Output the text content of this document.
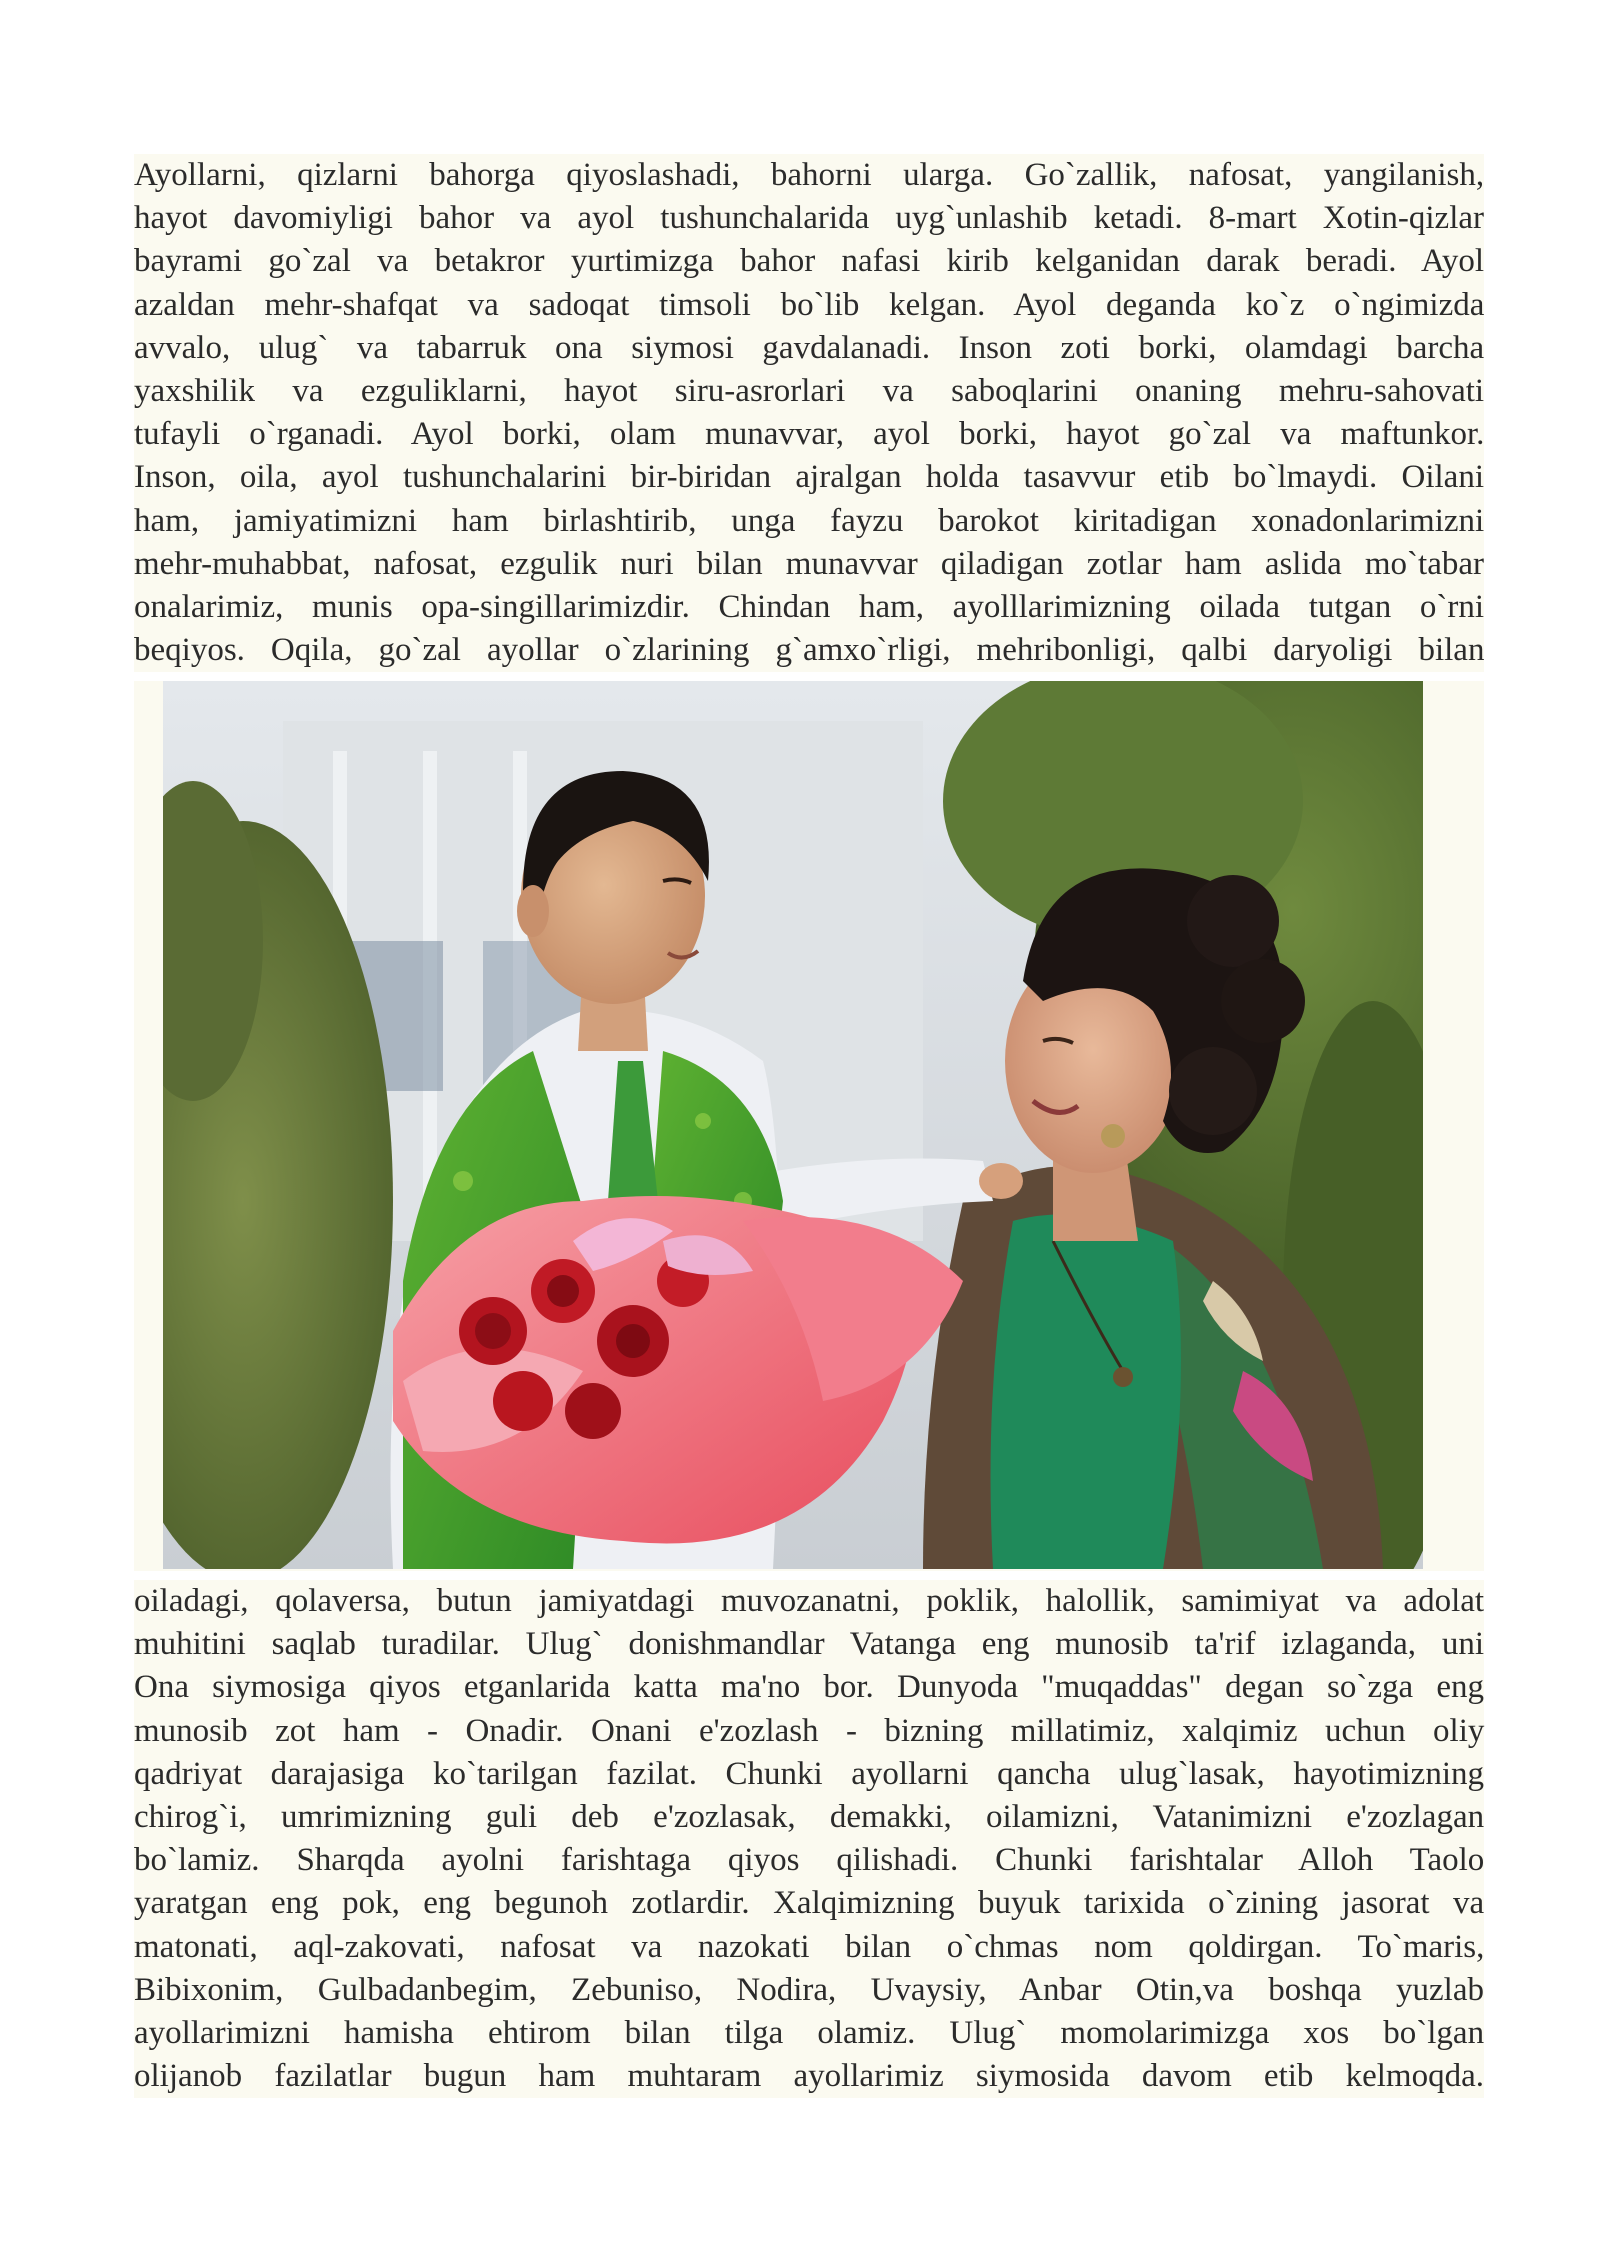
Ayollarni, qizlarni bahorga qiyoslashadi, bahorni ularga. Go`zallik, nafosat, yangilanish,
hayot davomiyligi bahor va ayol tushunchalarida uyg`unlashib ketadi. 8-mart Xotin-qizlar
bayrami go`zal va betakror yurtimizga bahor nafasi kirib kelganidan darak beradi. Ayol
azaldan mehr-shafqat va sadoqat timsoli bo`lib kelgan. Ayol deganda ko`z o`ngimizda
avvalo, ulug` va tabarruk ona siymosi gavdalanadi. Inson zoti borki, olamdagi barcha
yaxshilik va ezguliklarni, hayot siru-asrorlari va saboqlarini onaning mehru-sahovati
tufayli o`rganadi. Ayol borki, olam munavvar, ayol borki, hayot go`zal va maftunkor.
Inson, oila, ayol tushunchalarini bir-biridan ajralgan holda tasavvur etib bo`lmaydi. Oilani
ham, jamiyatimizni ham birlashtirib, unga fayzu barokot kiritadigan xonadonlarimizni
mehr-muhabbat, nafosat, ezgulik nuri bilan munavvar qiladigan zotlar ham aslida mo`tabar
onalarimiz, munis opa-singillarimizdir. Chindan ham, ayolllarimizning oilada tutgan o`rni
beqiyos. Oqila, go`zal ayollar o`zlarining g`amxo`rligi, mehribonligi, qalbi daryoligi bilan
oiladagi, qolaversa, butun jamiyatdagi muvozanatni, poklik, halollik, samimiyat va adolat
muhitini saqlab turadilar. Ulug` donishmandlar Vatanga eng munosib ta'rif izlaganda, uni
Ona siymosiga qiyos etganlarida katta ma'no bor. Dunyoda "muqaddas" degan so`zga eng
munosib zot ham - Onadir. Onani e'zozlash - bizning millatimiz, xalqimiz uchun oliy
qadriyat darajasiga ko`tarilgan fazilat. Chunki ayollarni qancha ulug`lasak, hayotimizning
chirog`i, umrimizning guli deb e'zozlasak, demakki, oilamizni, Vatanimizni e'zozlagan
bo`lamiz. Sharqda ayolni farishtaga qiyos qilishadi. Chunki farishtalar Alloh Taolo
yaratgan eng pok, eng begunoh zotlardir. Xalqimizning buyuk tarixida o`zining jasorat va
matonati, aql-zakovati, nafosat va nazokati bilan o`chmas nom qoldirgan. To`maris,
Bibixonim, Gulbadanbegim, Zebuniso, Nodira, Uvaysiy, Anbar Otin,va boshqa yuzlab
ayollarimizni hamisha ehtirom bilan tilga olamiz. Ulug` momolarimizga xos bo`lgan
olijanob fazilatlar bugun ham muhtaram ayollarimiz siymosida davom etib kelmoqda.
